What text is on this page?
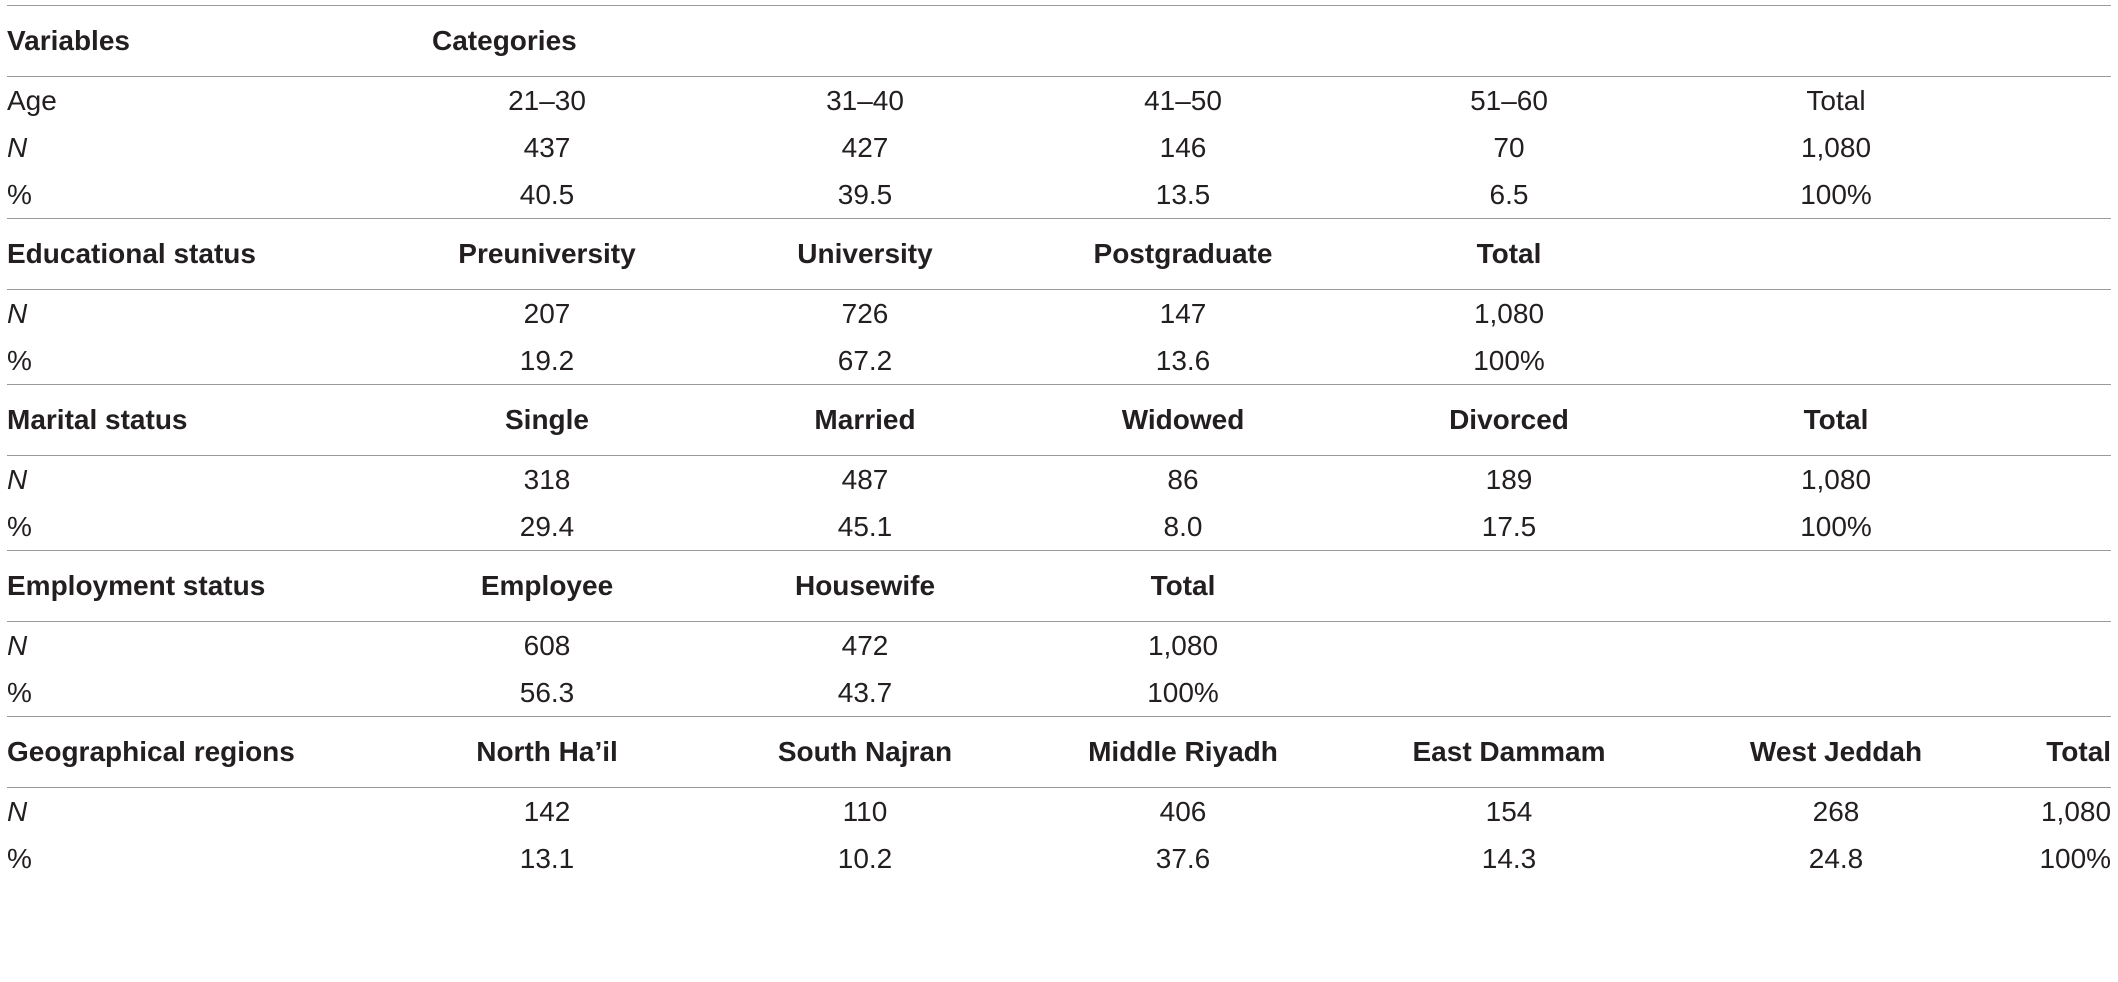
Variables	Categories					
Age	21–30	31–40	41–50	51–60	Total	
N	437	427	146	70	1,080	
%	40.5	39.5	13.5	6.5	100%	
Educational status	Preuniversity	University	Postgraduate	Total		
N	207	726	147	1,080		
%	19.2	67.2	13.6	100%		
Marital status	Single	Married	Widowed	Divorced	Total	
N	318	487	86	189	1,080	
%	29.4	45.1	8.0	17.5	100%	
Employment status	Employee	Housewife	Total			
N	608	472	1,080			
%	56.3	43.7	100%			
Geographical regions	North Ha’il	South Najran	Middle Riyadh	East Dammam	West Jeddah	Total
N	142	110	406	154	268	1,080
%	13.1	10.2	37.6	14.3	24.8	100%
